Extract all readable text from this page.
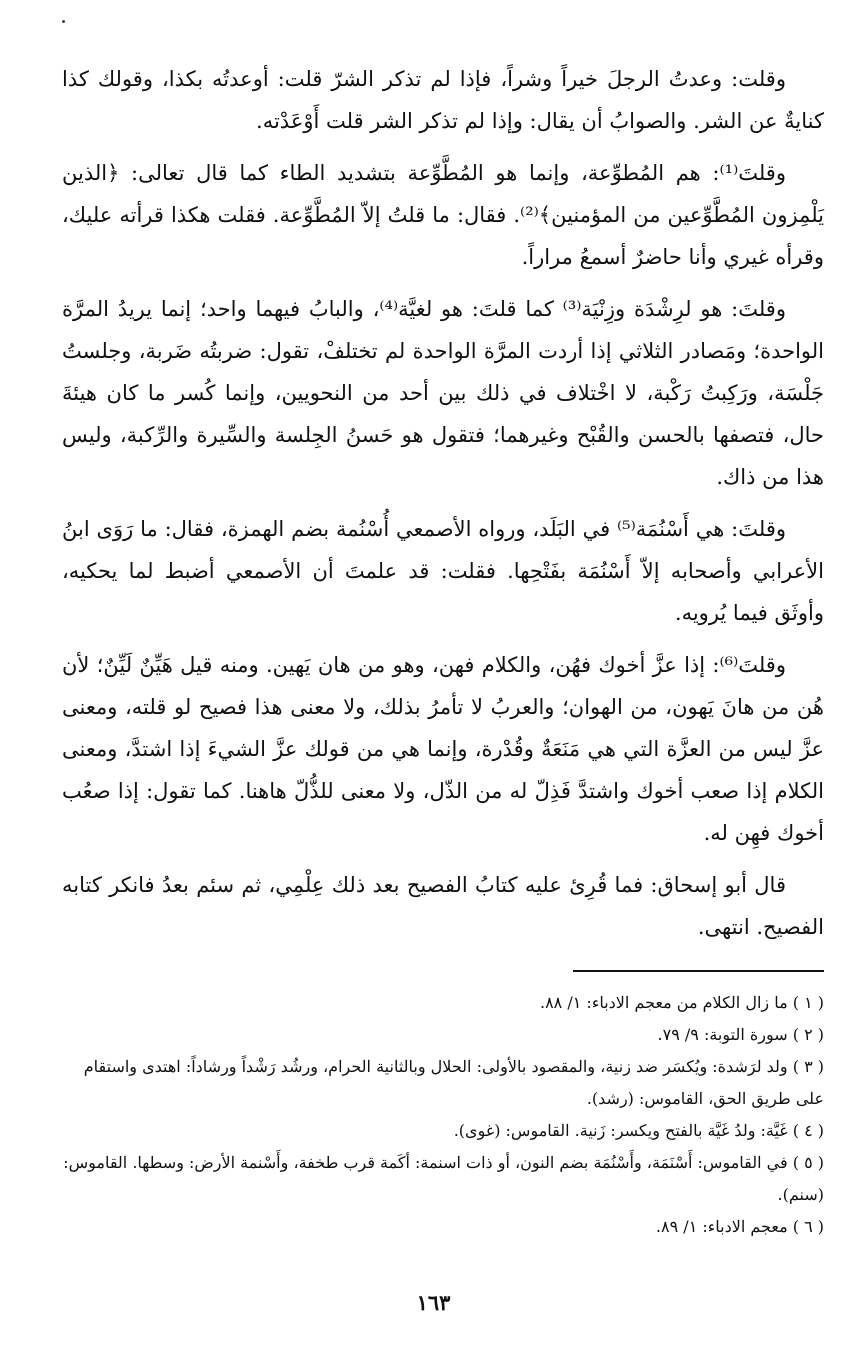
وقلت: وعدتُ الرجلَ خيراً وشراً، فإذا لم تذكر الشرّ قلت: أوعدتُه بكذا، وقولك كذا كنايةٌ عن الشر. والصوابُ أن يقال: وإذا لم تذكر الشر قلت أَوْعَدْته.

وقلتَ⁽¹⁾: هم المُطوِّعة، وإنما هو المُطَّوِّعة بتشديد الطاء كما قال تعالى: ﴿الذين يَلْمِزون المُطَّوِّعين من المؤمنين﴾⁽²⁾. فقال: ما قلتُ إلاّ المُطَّوِّعة. فقلت هكذا قرأته عليك، وقرأه غيري وأنا حاضرٌ أسمعُ مراراً.

وقلتَ: هو لرِشْدَة وزِنْيَة⁽³⁾ كما قلتَ: هو لغيَّة⁽⁴⁾، والبابُ فيهما واحد؛ إنما يريدُ المرَّة الواحدة؛ ومَصادر الثلاثي إذا أردت المرَّة الواحدة لم تختلفْ، تقول: ضربتُه ضَربة، وجلستُ جَلْسَة، ورَكِبتُ رَكْبة، لا اخْتلاف في ذلك بين أحد من النحويين، وإنما كُسر ما كان هيئةَ حال، فتصفها بالحسن والقُبْح وغيرهما؛ فتقول هو حَسنُ الجِلسة والسِّيرة والرِّكبة، وليس هذا من ذاك.

وقلتَ: هي أَسْنُمَة⁽⁵⁾ في البَلَد، ورواه الأصمعي أُسْنُمة بضم الهمزة، فقال: ما رَوَى ابنُ الأعرابي وأصحابه إلاّ أَسْنُمَة بفَتْحِها. فقلت: قد علمتَ أن الأصمعي أضبط لما يحكيه، وأوثَق فيما يُرويه.

وقلتَ⁽⁶⁾: إذا عزَّ أخوك فهُن، والكلام فهن، وهو من هان يَهين. ومنه قيل هَيِّنٌ لَيِّنٌ؛ لأن هُن من هانَ يَهون، من الهوان؛ والعربُ لا تأمرُ بذلك، ولا معنى هذا فصيح لو قلته، ومعنى عزَّ ليس من العزَّة التي هي مَنَعَةٌ وقُدْرة، وإنما هي من قولك عزَّ الشيءَ إذا اشتدَّ، ومعنى الكلام إذا صعب أخوك واشتدَّ فَذِلّ له من الذّل، ولا معنى للذُّلّ هاهنا. كما تقول: إذا صعُب أخوك فهِن له.

قال أبو إسحاق: فما قُرِئ عليه كتابُ الفصيح بعد ذلك عِلْمِي، ثم سئم بعدُ فانكر كتابه الفصيح. انتهى.

( ١ ) ما زال الكلام من معجم الادباء: ١/ ٨٨.

( ٢ ) سورة التوبة: ٩/ ٧٩.

( ٣ ) ولد لرَشدة: ويُكسَر ضد زنية، والمقصود بالأولى: الحلال وبالثانية الحرام، ورشُد رَشْداً ورشاداً: اهتدى واستقام على طريق الحق، القاموس: (رشد).

( ٤ ) غَيَّة: ولدُ غَيَّة بالفتح ويكسر: زَنية. القاموس: (غوى).

( ٥ ) في القاموس: أَسْنَمَة، وأَسْنُمَة بضم النون، أو ذات اسنمة: أكَمة قرب طخفة، وأَسْنمة الأرض: وسطها. القاموس: (سنم).

( ٦ ) معجم الادباء: ١/ ٨٩.

١٦٣
